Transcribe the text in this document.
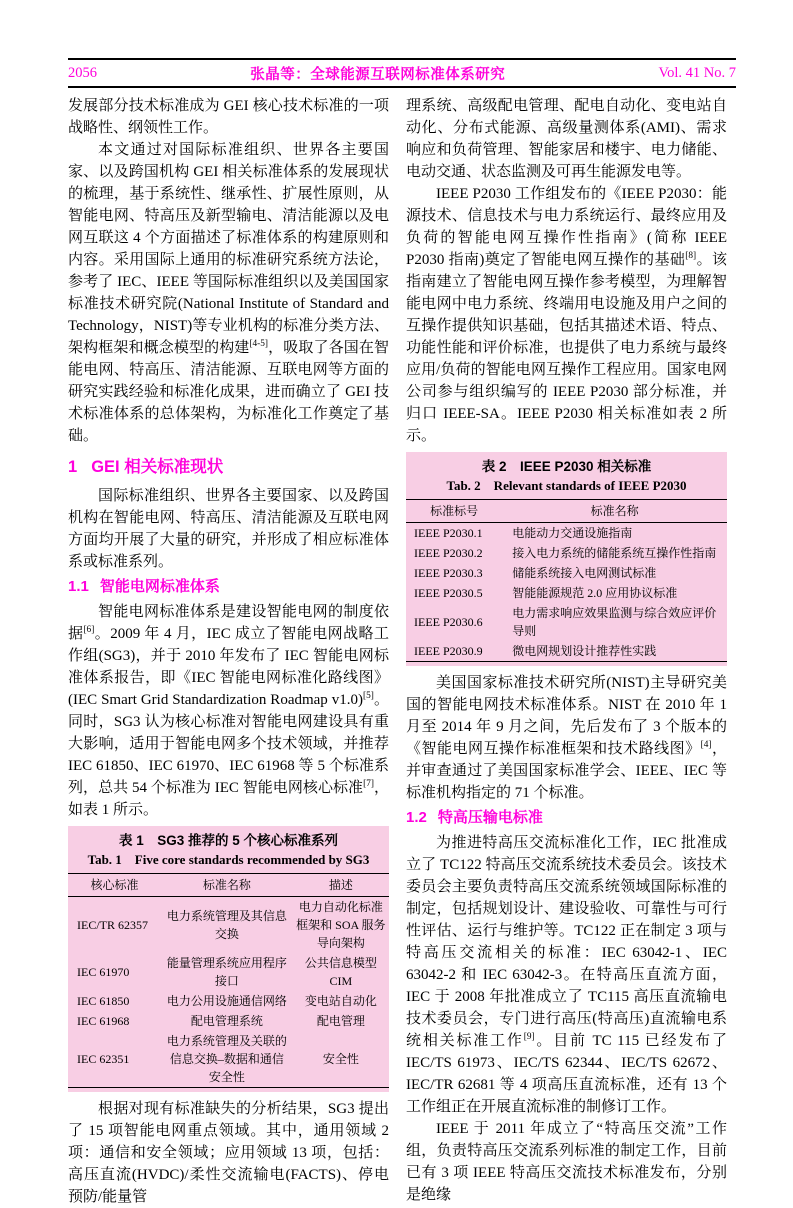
2056	张晶等：全球能源互联网标准体系研究	Vol. 41 No. 7

发展部分技术标准成为 GEI 核心技术标准的一项战略性、纲领性工作。

本文通过对国际标准组织、世界各主要国家、以及跨国机构 GEI 相关标准体系的发展现状的梳理，基于系统性、继承性、扩展性原则，从智能电网、特高压及新型输电、清洁能源以及电网互联这 4 个方面描述了标准体系的构建原则和内容。采用国际上通用的标准研究系统方法论，参考了 IEC、IEEE 等国际标准组织以及美国国家标准技术研究院(National Institute of Standard and Technology，NIST)等专业机构的标准分类方法、架构框架和概念模型的构建[4-5]，吸取了各国在智能电网、特高压、清洁能源、互联电网等方面的研究实践经验和标准化成果，进而确立了 GEI 技术标准体系的总体架构，为标准化工作奠定了基础。

1 GEI 相关标准现状

国际标准组织、世界各主要国家、以及跨国机构在智能电网、特高压、清洁能源及互联电网方面均开展了大量的研究，并形成了相应标准体系或标准系列。

1.1 智能电网标准体系

智能电网标准体系是建设智能电网的制度依据[6]。2009 年 4 月，IEC 成立了智能电网战略工作组(SG3)，并于 2010 年发布了 IEC 智能电网标准体系报告，即《IEC 智能电网标准化路线图》(IEC Smart Grid Standardization Roadmap v1.0)[5]。同时，SG3 认为核心标准对智能电网建设具有重大影响，适用于智能电网多个技术领域，并推荐 IEC 61850、IEC 61970、IEC 61968 等 5 个标准系列，总共 54 个标准为 IEC 智能电网核心标准[7]，如表 1 所示。

表 1　SG3 推荐的 5 个核心标准系列
Tab. 1　Five core standards recommended by SG3
核心标准	标准名称	描述
IEC/TR 62357	电力系统管理及其信息交换	电力自动化标准框架和 SOA 服务导向架构
IEC 61970	能量管理系统应用程序接口	公共信息模型 CIM
IEC 61850	电力公用设施通信网络	变电站自动化
IEC 61968	配电管理系统	配电管理
IEC 62351	电力系统管理及关联的信息交换–数据和通信安全性	安全性

根据对现有标准缺失的分析结果，SG3 提出了 15 项智能电网重点领域。其中，通用领域 2 项：通信和安全领域；应用领域 13 项，包括：高压直流(HVDC)/柔性交流输电(FACTS)、停电预防/能量管

理系统、高级配电管理、配电自动化、变电站自动化、分布式能源、高级量测体系(AMI)、需求响应和负荷管理、智能家居和楼宇、电力储能、电动交通、状态监测及可再生能源发电等。

IEEE P2030 工作组发布的《IEEE P2030：能源技术、信息技术与电力系统运行、最终应用及负荷的智能电网互操作性指南》(简称 IEEE P2030 指南)奠定了智能电网互操作的基础[8]。该指南建立了智能电网互操作参考模型，为理解智能电网中电力系统、终端用电设施及用户之间的互操作提供知识基础，包括其描述术语、特点、功能性能和评价标准，也提供了电力系统与最终应用/负荷的智能电网互操作工程应用。国家电网公司参与组织编写的 IEEE P2030 部分标准，并归口 IEEE-SA。IEEE P2030 相关标准如表 2 所示。

表 2　IEEE P2030 相关标准
Tab. 2　Relevant standards of IEEE P2030
标准标号	标准名称
IEEE P2030.1	电能动力交通设施指南
IEEE P2030.2	接入电力系统的储能系统互操作性指南
IEEE P2030.3	储能系统接入电网测试标准
IEEE P2030.5	智能能源规范 2.0 应用协议标准
IEEE P2030.6	电力需求响应效果监测与综合效应评价导则
IEEE P2030.9	微电网规划设计推荐性实践

美国国家标准技术研究所(NIST)主导研究美国的智能电网技术标准体系。NIST 在 2010 年 1 月至 2014 年 9 月之间，先后发布了 3 个版本的《智能电网互操作标准框架和技术路线图》[4]，并审查通过了美国国家标准学会、IEEE、IEC 等标准机构指定的 71 个标准。

1.2 特高压输电标准

为推进特高压交流标准化工作，IEC 批准成立了 TC122 特高压交流系统技术委员会。该技术委员会主要负责特高压交流系统领域国际标准的制定，包括规划设计、建设验收、可靠性与可行性评估、运行与维护等。TC122 正在制定 3 项与特高压交流相关的标准：IEC 63042-1、IEC 63042-2 和 IEC 63042-3。在特高压直流方面，IEC 于 2008 年批准成立了 TC115 高压直流输电技术委员会，专门进行高压(特高压)直流输电系统相关标准工作[9]。目前 TC 115 已经发布了 IEC/TS 61973、IEC/TS 62344、IEC/TS 62672、IEC/TR 62681 等 4 项高压直流标准，还有 13 个工作组正在开展直流标准的制修订工作。

IEEE 于 2011 年成立了“特高压交流”工作组，负责特高压交流系列标准的制定工作，目前已有 3 项 IEEE 特高压交流技术标准发布，分别是绝缘
